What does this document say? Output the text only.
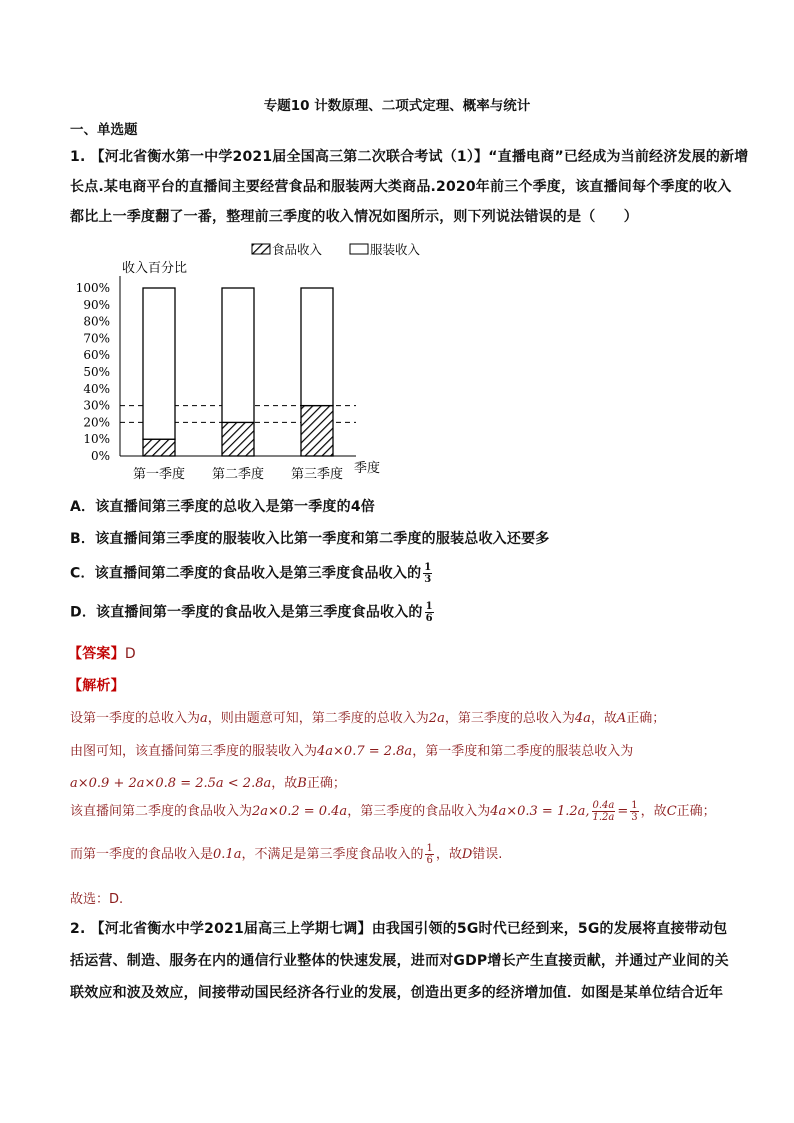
专题10 计数原理、二项式定理、概率与统计
一、单选题
1. 【河北省衡水第一中学2021届全国高三第二次联合考试（1）】“直播电商”已经成为当前经济发展的新增
长点.某电商平台的直播间主要经营食品和服装两大类商品.2020年前三个季度，该直播间每个季度的收入
都比上一季度翻了一番，整理前三季度的收入情况如图所示，则下列说法错误的是（　　）
食品收入	服装收入
收入百分比
0%
10%
20%
30%
40%
50%
60%
70%
80%
90%
100%
第一季度 第二季度 第三季度 季度
A．该直播间第三季度的总收入是第一季度的4倍
B．该直播间第三季度的服装收入比第一季度和第二季度的服装总收入还要多
C．该直播间第二季度的食品收入是第三季度食品收入的 $\frac{1}{3}$
D．该直播间第一季度的食品收入是第三季度食品收入的 $\frac{1}{6}$
【答案】D
【解析】
设第一季度的总收入为a，则由题意可知，第二季度的总收入为2a，第三季度的总收入为4a，故A正确；
由图可知，该直播间第三季度的服装收入为4a×0.7 = 2.8a，第一季度和第二季度的服装总收入为
a×0.9 + 2a×0.8 = 2.5a < 2.8a，故B正确；
该直播间第二季度的食品收入为2a×0.2 = 0.4a，第三季度的食品收入为4a×0.3 = 1.2a, $\frac{0.4a}{1.2a} = \frac{1}{3}$ ，故C正确；
而第一季度的食品收入是0.1a，不满足是第三季度食品收入的 $\frac{1}{6}$ ，故D错误.
故选：D.
2. 【河北省衡水中学2021届高三上学期七调】由我国引领的5G时代已经到来，5G的发展将直接带动包
括运营、制造、服务在内的通信行业整体的快速发展，进而对GDP增长产生直接贡献，并通过产业间的关
联效应和波及效应，间接带动国民经济各行业的发展，创造出更多的经济增加值．如图是某单位结合近年
